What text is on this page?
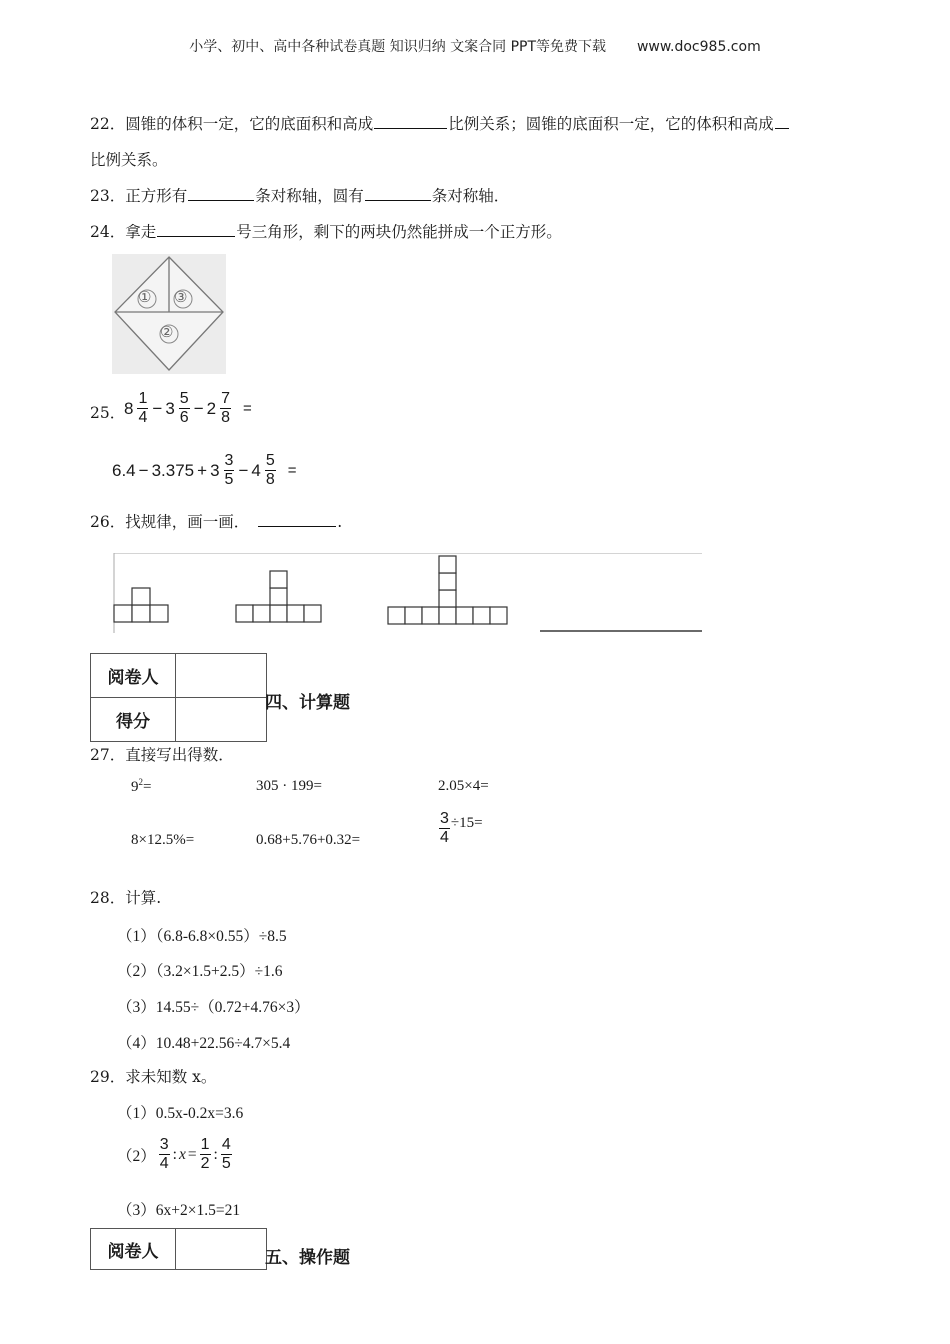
小学、初中、高中各种试卷真题 知识归纳 文案合同 PPT等免费下载 www.doc985.com
22．圆锥的体积一定，它的底面积和高成	比例关系；圆锥的底面积一定，它的体积和高成
比例关系。
23．正方形有	条对称轴，圆有	条对称轴．
24．拿走	号三角形，剩下的两块仍然能拼成一个正方形。
① ③
②
25．
$8 \frac{1}{4} - 3 \frac{5}{6} - 2 \frac{7}{8}$ =
$6.4 - 3.375 + 3 \frac{3}{5} - 4 \frac{5}{8}$ =
26．找规律，画一画．	.
阅卷人	
得分	
四、计算题
27．直接写出得数．
$9^2=$	305 · 199=	2.05×4=
8×12.5%=	0.68+5.76+0.32=	$\frac{3}{4} \div 15=$
28．计算.
（1）（6.8-6.8×0.55）÷8.5
（2）（3.2×1.5+2.5）÷1.6
（3）14.55÷（0.72+4.76×3）
（4）10.48+22.56÷4.7×5.4
29．求未知数 x。
（1）0.5x-0.2x=3.6
$(2) \frac{3}{4}$ : $x = \frac{1}{2}$ : $\frac{4}{5}$
（3）6x+2×1.5=21
阅卷人		五、操作题
